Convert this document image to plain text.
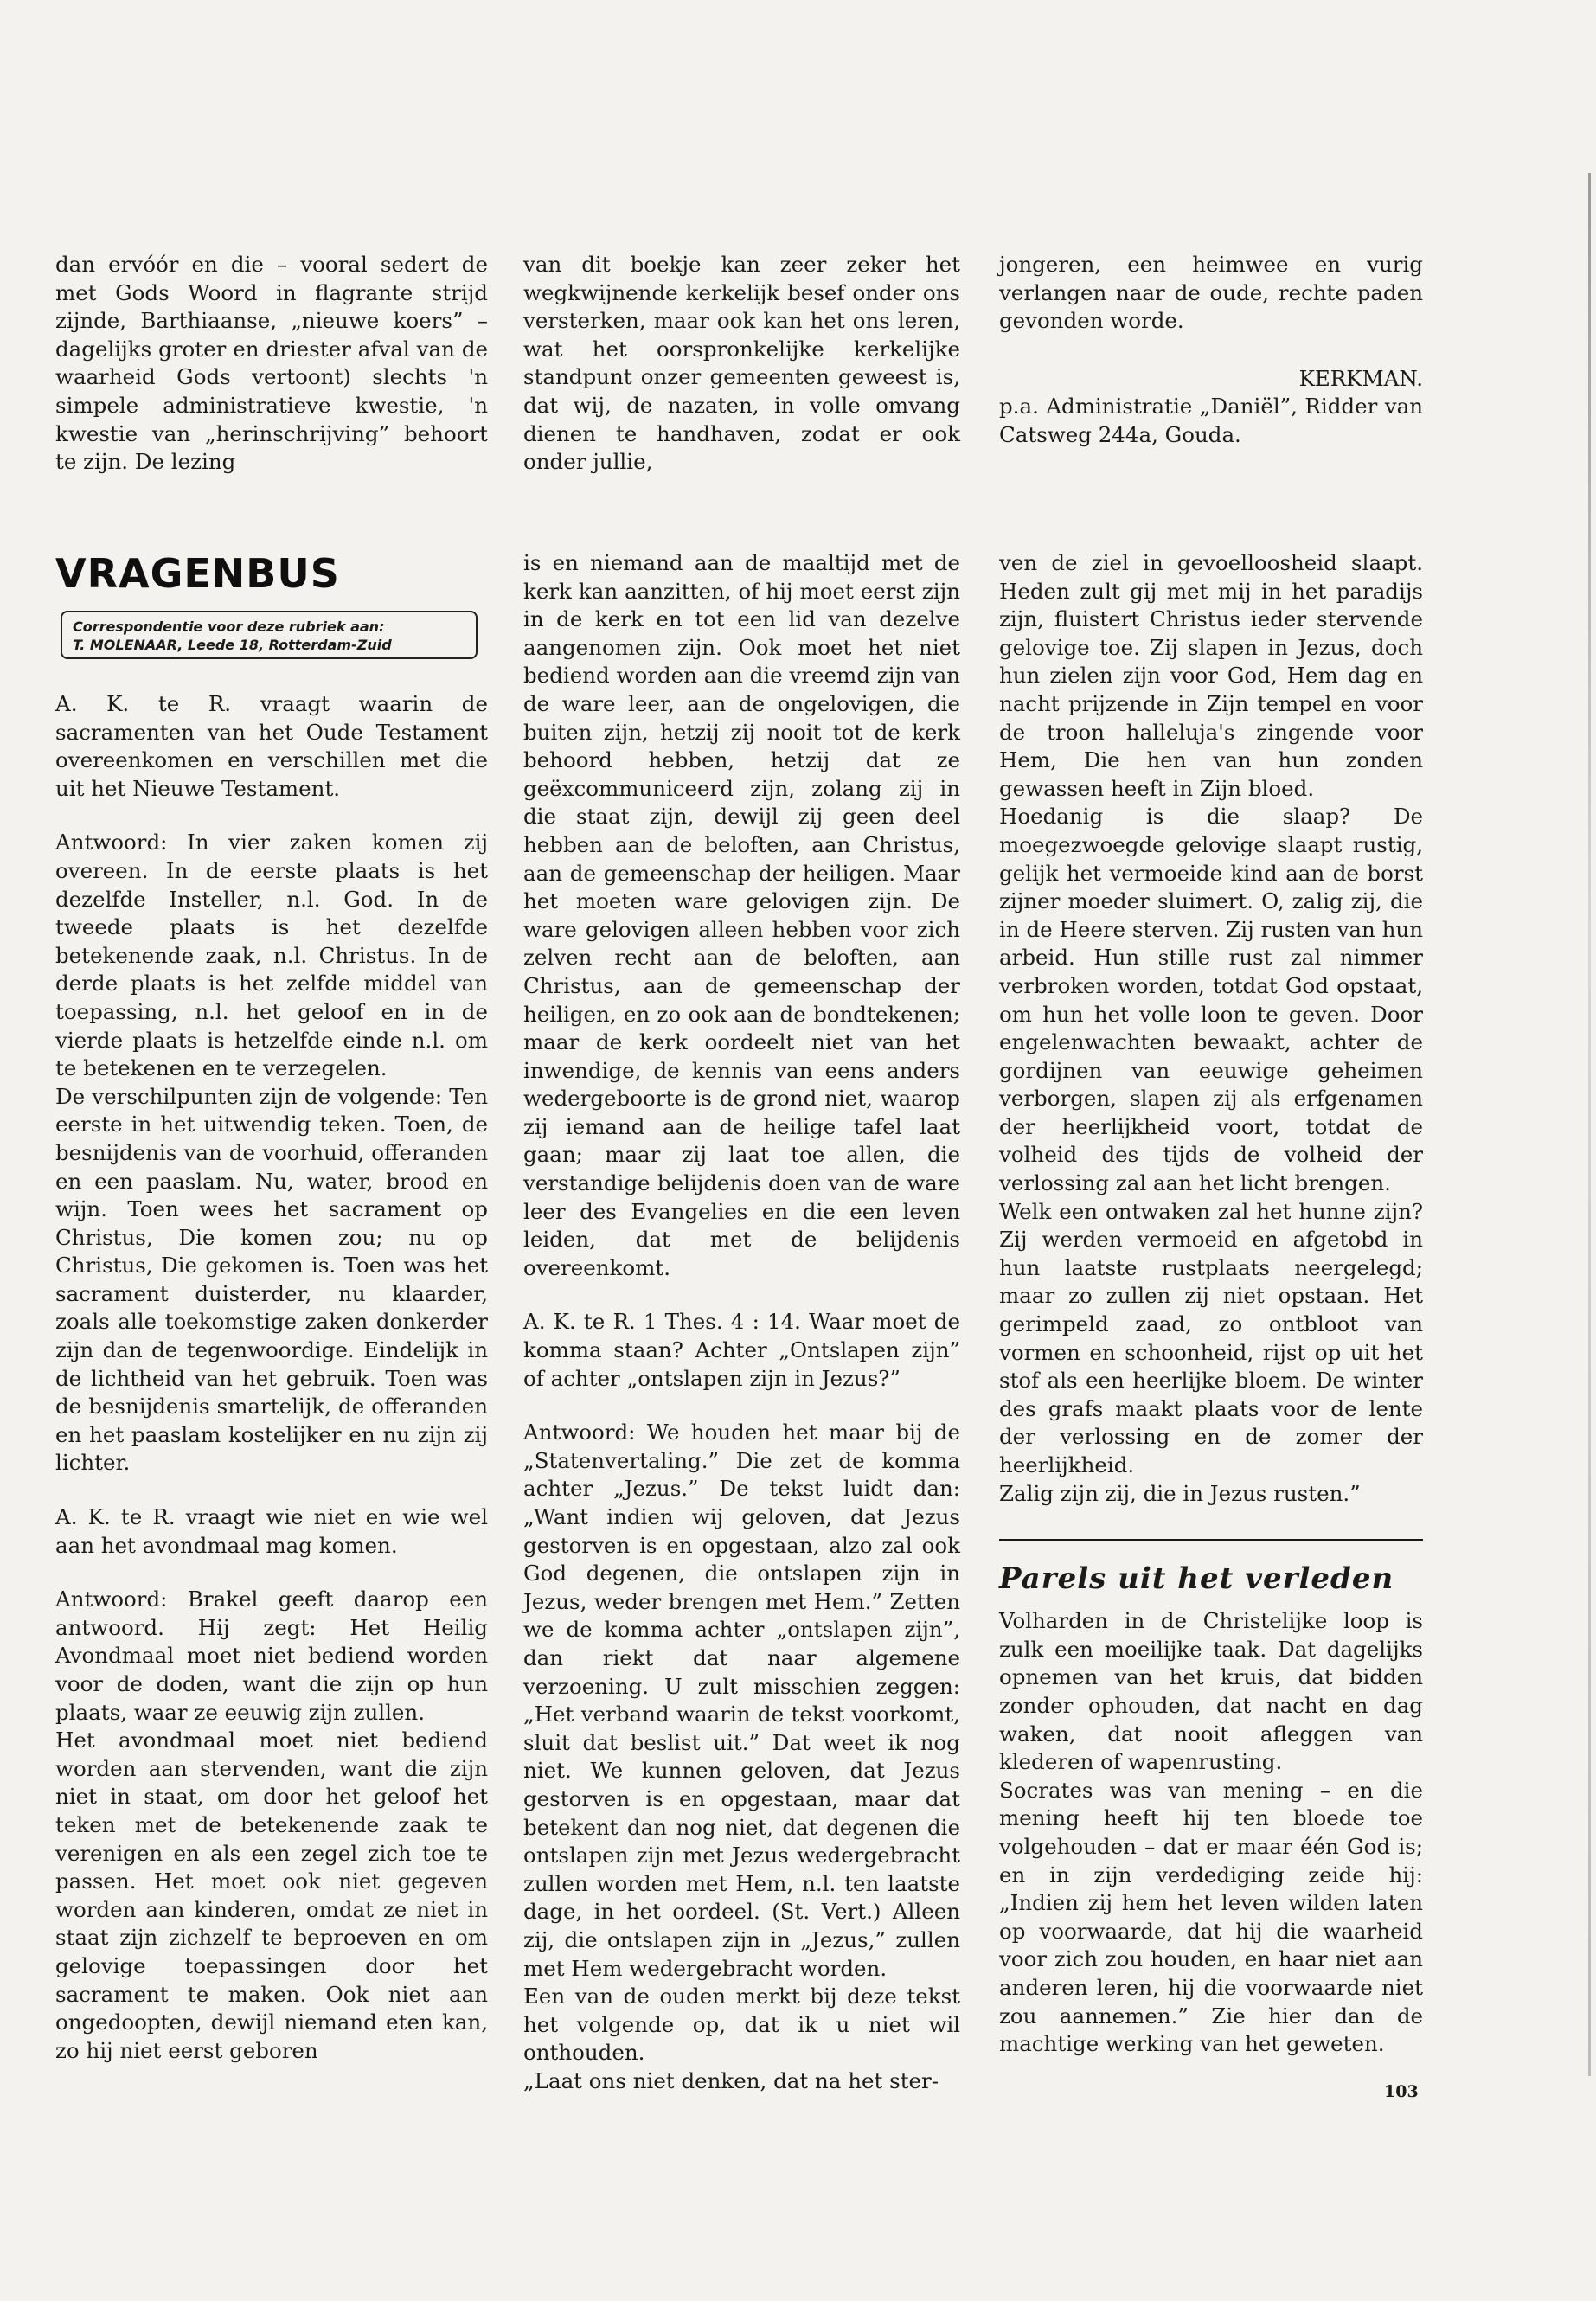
dan ervóór en die – vooral sedert de met Gods Woord in flagrante strijd zijnde, Barthiaanse, „nieuwe koers” – dagelijks groter en driester afval van de waarheid Gods vertoont) slechts 'n simpele administratieve kwestie, 'n kwestie van „herinschrijving” behoort te zijn. De lezing

van dit boekje kan zeer zeker het wegkwijnende kerkelijk besef onder ons versterken, maar ook kan het ons leren, wat het oorspronkelijke kerkelijke standpunt onzer gemeenten geweest is, dat wij, de nazaten, in volle omvang dienen te handhaven, zodat er ook onder jullie,

jongeren, een heimwee en vurig verlangen naar de oude, rechte paden gevonden worde.

KERKMAN.

p.a. Administratie „Daniël”, Ridder van Catsweg 244a, Gouda.

VRAGENBUS
Correspondentie voor deze rubriek aan:
T. MOLENAAR, Leede 18, Rotterdam-Zuid

A. K. te R. vraagt waarin de sacramenten van het Oude Testament overeenkomen en verschillen met die uit het Nieuwe Testament.

Antwoord: In vier zaken komen zij overeen. In de eerste plaats is het dezelfde Insteller, n.l. God. In de tweede plaats is het dezelfde betekenende zaak, n.l. Christus. In de derde plaats is het zelfde middel van toepassing, n.l. het geloof en in de vierde plaats is hetzelfde einde n.l. om te betekenen en te verzegelen.

De verschilpunten zijn de volgende: Ten eerste in het uitwendig teken. Toen, de besnijdenis van de voorhuid, offeranden en een paaslam. Nu, water, brood en wijn. Toen wees het sacrament op Christus, Die komen zou; nu op Christus, Die gekomen is. Toen was het sacrament duisterder, nu klaarder, zoals alle toekomstige zaken donkerder zijn dan de tegenwoordige. Eindelijk in de lichtheid van het gebruik. Toen was de besnijdenis smartelijk, de offeranden en het paaslam kostelijker en nu zijn zij lichter.

A. K. te R. vraagt wie niet en wie wel aan het avondmaal mag komen.

Antwoord: Brakel geeft daarop een antwoord. Hij zegt: Het Heilig Avondmaal moet niet bediend worden voor de doden, want die zijn op hun plaats, waar ze eeuwig zijn zullen.

Het avondmaal moet niet bediend worden aan stervenden, want die zijn niet in staat, om door het geloof het teken met de betekenende zaak te verenigen en als een zegel zich toe te passen. Het moet ook niet gegeven worden aan kinderen, omdat ze niet in staat zijn zichzelf te beproeven en om gelovige toepassingen door het sacrament te maken. Ook niet aan ongedoopten, dewijl niemand eten kan, zo hij niet eerst geboren

is en niemand aan de maaltijd met de kerk kan aanzitten, of hij moet eerst zijn in de kerk en tot een lid van dezelve aangenomen zijn. Ook moet het niet bediend worden aan die vreemd zijn van de ware leer, aan de ongelovigen, die buiten zijn, hetzij zij nooit tot de kerk behoord hebben, hetzij dat ze geëxcommuniceerd zijn, zolang zij in die staat zijn, dewijl zij geen deel hebben aan de beloften, aan Christus, aan de gemeenschap der heiligen. Maar het moeten ware gelovigen zijn. De ware gelovigen alleen hebben voor zich zelven recht aan de beloften, aan Christus, aan de gemeenschap der heiligen, en zo ook aan de bondtekenen; maar de kerk oordeelt niet van het inwendige, de kennis van eens anders wedergeboorte is de grond niet, waarop zij iemand aan de heilige tafel laat gaan; maar zij laat toe allen, die verstandige belijdenis doen van de ware leer des Evangelies en die een leven leiden, dat met de belijdenis overeenkomt.

A. K. te R. 1 Thes. 4 : 14. Waar moet de komma staan? Achter „Ontslapen zijn” of achter „ontslapen zijn in Jezus?”

Antwoord: We houden het maar bij de „Statenvertaling.” Die zet de komma achter „Jezus.” De tekst luidt dan: „Want indien wij geloven, dat Jezus gestorven is en opgestaan, alzo zal ook God degenen, die ontslapen zijn in Jezus, weder brengen met Hem.” Zetten we de komma achter „ontslapen zijn”, dan riekt dat naar algemene verzoening. U zult misschien zeggen: „Het verband waarin de tekst voorkomt, sluit dat beslist uit.” Dat weet ik nog niet. We kunnen geloven, dat Jezus gestorven is en opgestaan, maar dat betekent dan nog niet, dat degenen die ontslapen zijn met Jezus wedergebracht zullen worden met Hem, n.l. ten laatste dage, in het oordeel. (St. Vert.) Alleen zij, die ontslapen zijn in „Jezus,” zullen met Hem wedergebracht worden.

Een van de ouden merkt bij deze tekst het volgende op, dat ik u niet wil onthouden.

„Laat ons niet denken, dat na het ster-

ven de ziel in gevoelloosheid slaapt. Heden zult gij met mij in het paradijs zijn, fluistert Christus ieder stervende gelovige toe. Zij slapen in Jezus, doch hun zielen zijn voor God, Hem dag en nacht prijzende in Zijn tempel en voor de troon halleluja's zingende voor Hem, Die hen van hun zonden gewassen heeft in Zijn bloed.

Hoedanig is die slaap? De moegezwoegde gelovige slaapt rustig, gelijk het vermoeide kind aan de borst zijner moeder sluimert. O, zalig zij, die in de Heere sterven. Zij rusten van hun arbeid. Hun stille rust zal nimmer verbroken worden, totdat God opstaat, om hun het volle loon te geven. Door engelenwachten bewaakt, achter de gordijnen van eeuwige geheimen verborgen, slapen zij als erfgenamen der heerlijkheid voort, totdat de volheid des tijds de volheid der verlossing zal aan het licht brengen.

Welk een ontwaken zal het hunne zijn? Zij werden vermoeid en afgetobd in hun laatste rustplaats neergelegd; maar zo zullen zij niet opstaan. Het gerimpeld zaad, zo ontbloot van vormen en schoonheid, rijst op uit het stof als een heerlijke bloem. De winter des grafs maakt plaats voor de lente der verlossing en de zomer der heerlijkheid.

Zalig zijn zij, die in Jezus rusten.”

Parels uit het verleden

Volharden in de Christelijke loop is zulk een moeilijke taak. Dat dagelijks opnemen van het kruis, dat bidden zonder ophouden, dat nacht en dag waken, dat nooit afleggen van klederen of wapenrusting.

Socrates was van mening – en die mening heeft hij ten bloede toe volgehouden – dat er maar één God is; en in zijn verdediging zeide hij: „Indien zij hem het leven wilden laten op voorwaarde, dat hij die waarheid voor zich zou houden, en haar niet aan anderen leren, hij die voorwaarde niet zou aannemen.” Zie hier dan de machtige werking van het geweten.

103
